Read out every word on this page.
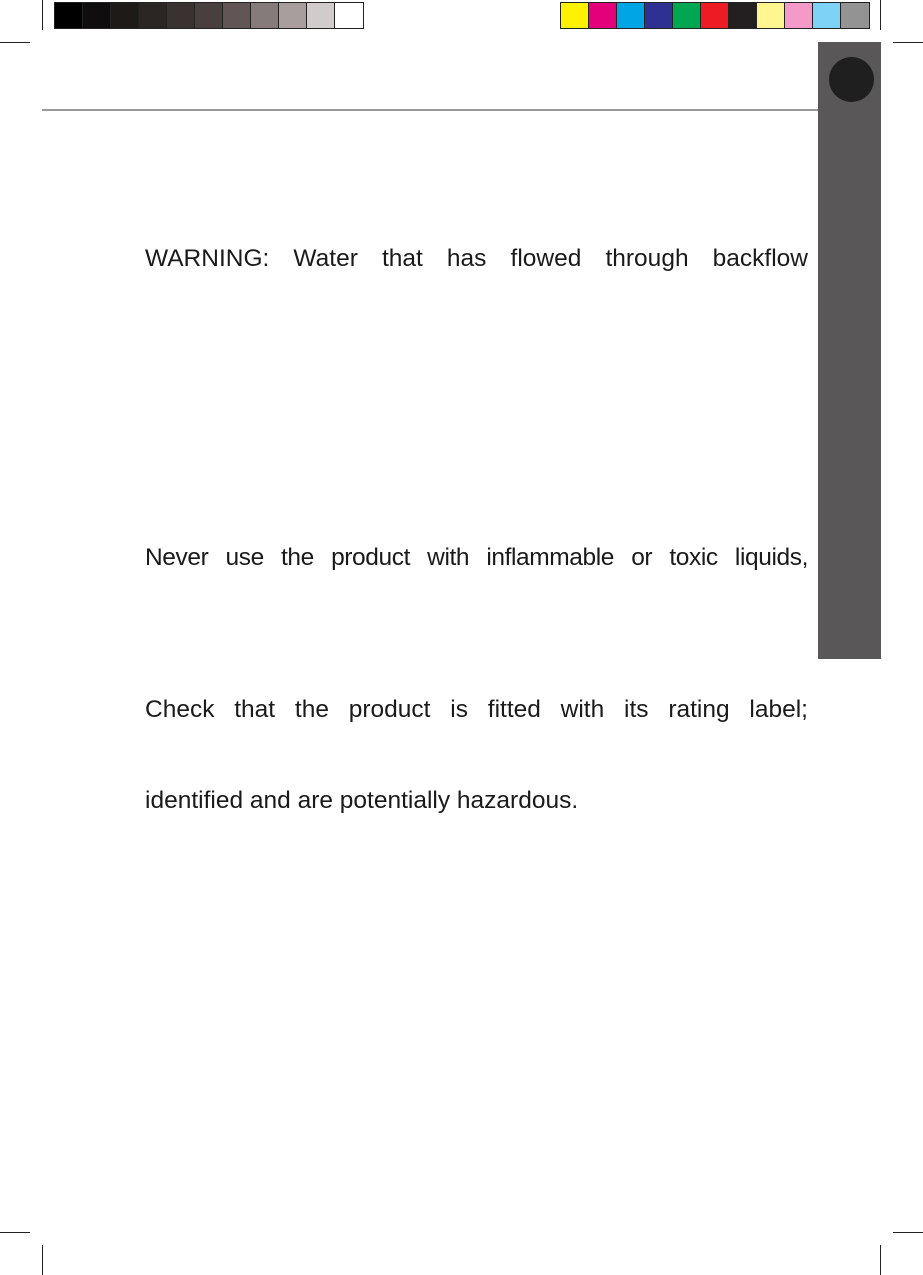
WARNING: Water that has flowed through backflow

Never use the product with inflammable or toxic liquids,

Check that the product is fitted with its rating label;

identified and are potentially hazardous.
